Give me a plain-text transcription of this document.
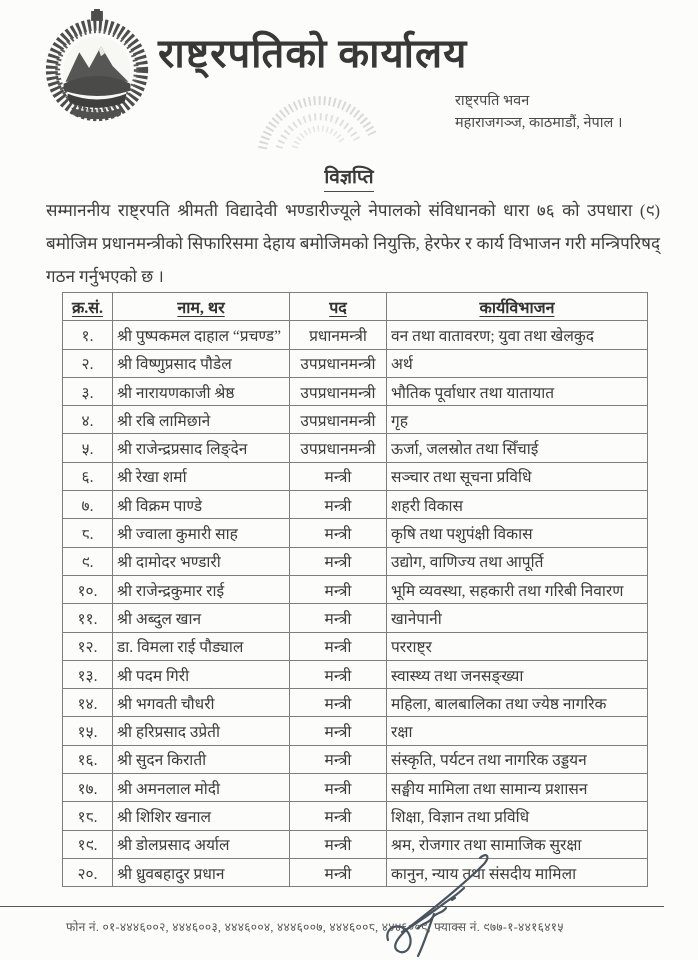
राष्ट्रपतिको कार्यालय
राष्ट्रपति भवन
महाराजगञ्ज, काठमाडौं, नेपाल ।
विज्ञप्ति
सम्माननीय राष्ट्रपति श्रीमती विद्यादेवी भण्डारीज्यूले नेपालको संविधानको धारा ७६ को उपधारा (९) बमोजिम प्रधानमन्त्रीको सिफारिसमा देहाय बमोजिमको नियुक्ति, हेरफेर र कार्य विभाजन गरी मन्त्रिपरिषद् गठन गर्नुभएको छ ।
क्र.सं.	नाम, थर	पद	कार्यविभाजन
१.	श्री पुष्पकमल दाहाल “प्रचण्ड”	प्रधानमन्त्री	वन तथा वातावरण; युवा तथा खेलकुद
२.	श्री विष्णुप्रसाद पौडेल	उपप्रधानमन्त्री	अर्थ
३.	श्री नारायणकाजी श्रेष्ठ	उपप्रधानमन्त्री	भौतिक पूर्वाधार तथा यातायात
४.	श्री रबि लामिछाने	उपप्रधानमन्त्री	गृह
५.	श्री राजेन्द्रप्रसाद लिङ्देन	उपप्रधानमन्त्री	ऊर्जा, जलस्रोत तथा सिँचाई
६.	श्री रेखा शर्मा	मन्त्री	सञ्चार तथा सूचना प्रविधि
७.	श्री विक्रम पाण्डे	मन्त्री	शहरी विकास
८.	श्री ज्वाला कुमारी साह	मन्त्री	कृषि तथा पशुपंक्षी विकास
९.	श्री दामोदर भण्डारी	मन्त्री	उद्योग, वाणिज्य तथा आपूर्ति
१०.	श्री राजेन्द्रकुमार राई	मन्त्री	भूमि व्यवस्था, सहकारी तथा गरिबी निवारण
११.	श्री अब्दुल खान	मन्त्री	खानेपानी
१२.	डा. विमला राई पौड्याल	मन्त्री	परराष्ट्र
१३.	श्री पदम गिरी	मन्त्री	स्वास्थ्य तथा जनसङ्ख्या
१४.	श्री भगवती चौधरी	मन्त्री	महिला, बालबालिका तथा ज्येष्ठ नागरिक
१५.	श्री हरिप्रसाद उप्रेती	मन्त्री	रक्षा
१६.	श्री सुदन किराती	मन्त्री	संस्कृति, पर्यटन तथा नागरिक उड्डयन
१७.	श्री अमनलाल मोदी	मन्त्री	सङ्घीय मामिला तथा सामान्य प्रशासन
१८.	श्री शिशिर खनाल	मन्त्री	शिक्षा, विज्ञान तथा प्रविधि
१९.	श्री डोलप्रसाद अर्याल	मन्त्री	श्रम, रोजगार तथा सामाजिक सुरक्षा
२०.	श्री ध्रुवबहादुर प्रधान	मन्त्री	कानुन, न्याय तथा संसदीय मामिला
फोन नं. ०१-४४४६००२, ४४४६००३, ४४४६००४, ४४४६००७, ४४४६००८, ४४४६००९, फ्याक्स नं. ९७७-१-४४१६४१५
